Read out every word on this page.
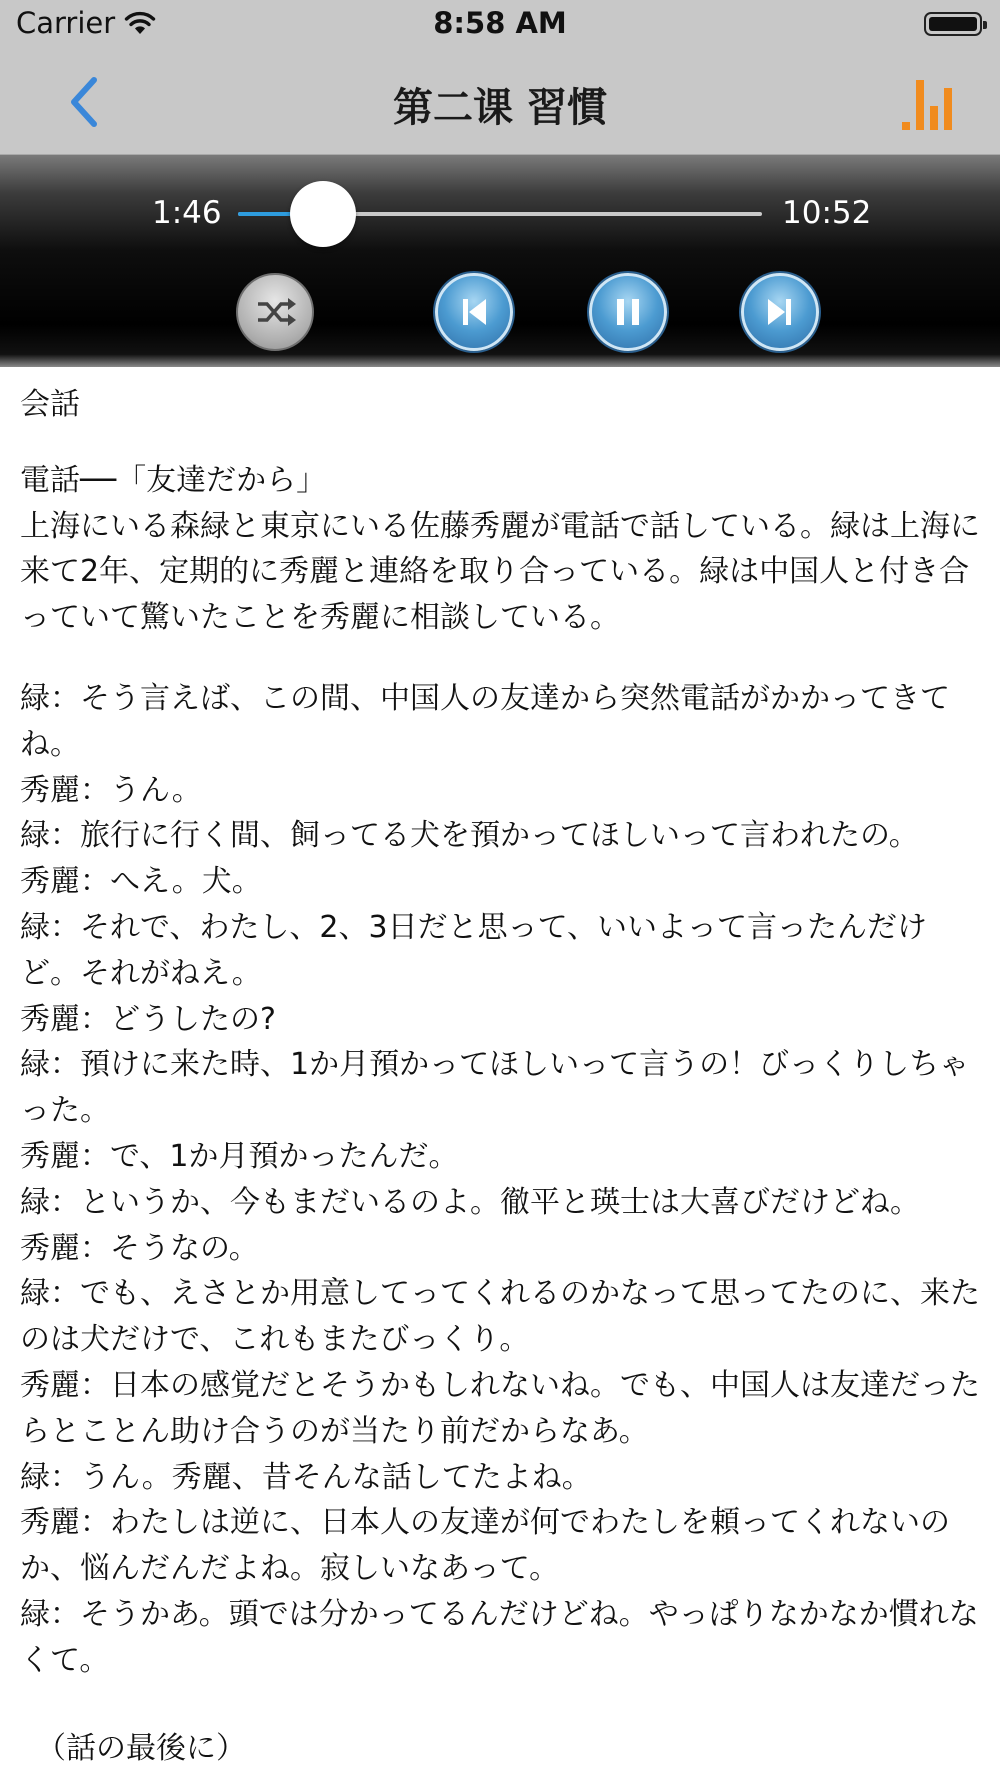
Carrier	8:58 AM
第二课 習慣
1:46	10:52

会話

電話──「友達だから」

上海にいる森緑と東京にいる佐藤秀麗が電話で話している。緑は上海に来て2年、定期的に秀麗と連絡を取り合っている。緑は中国人と付き合っていて驚いたことを秀麗に相談している。

緑：そう言えば、この間、中国人の友達から突然電話がかかってきてね。

秀麗：うん。

緑：旅行に行く間、飼ってる犬を預かってほしいって言われたの。

秀麗：へえ。犬。

緑：それで、わたし、2、3日だと思って、いいよって言ったんだけど。それがねえ。

秀麗：どうしたの?

緑：預けに来た時、1か月預かってほしいって言うの！びっくりしちゃった。

秀麗：で、1か月預かったんだ。

緑：というか、今もまだいるのよ。徹平と瑛士は大喜びだけどね。

秀麗：そうなの。

緑：でも、えさとか用意してってくれるのかなって思ってたのに、来たのは犬だけで、これもまたびっくり。

秀麗：日本の感覚だとそうかもしれないね。でも、中国人は友達だったらとことん助け合うのが当たり前だからなあ。

緑：うん。秀麗、昔そんな話してたよね。

秀麗：わたしは逆に、日本人の友達が何でわたしを頼ってくれないのか、悩んだんだよね。寂しいなあって。

緑：そうかあ。頭では分かってるんだけどね。やっぱりなかなか慣れなくて。

（話の最後に）
